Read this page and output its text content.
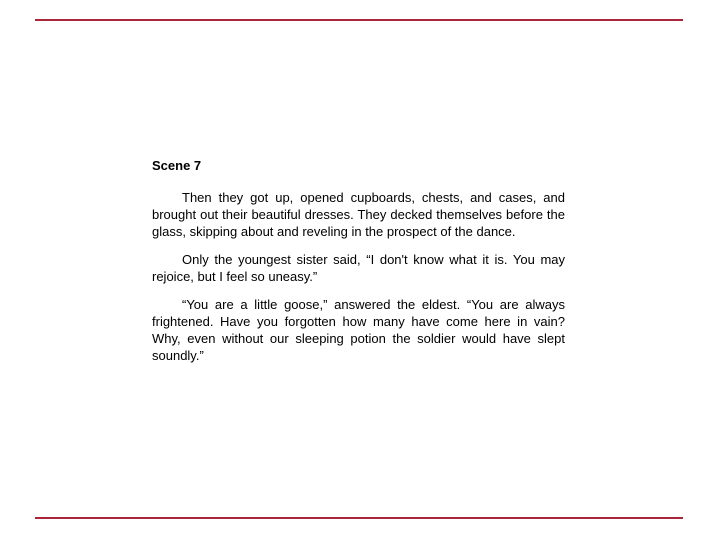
Scene 7

Then they got up, opened cupboards, chests, and cases, and brought out their beautiful dresses. They decked themselves before the glass, skipping about and reveling in the prospect of the dance.

Only the youngest sister said, “I don't know what it is. You may rejoice, but I feel so uneasy.”

“You are a little goose,” answered the eldest. “You are always frightened. Have you forgotten how many have come here in vain? Why, even without our sleeping potion the soldier would have slept soundly.”
